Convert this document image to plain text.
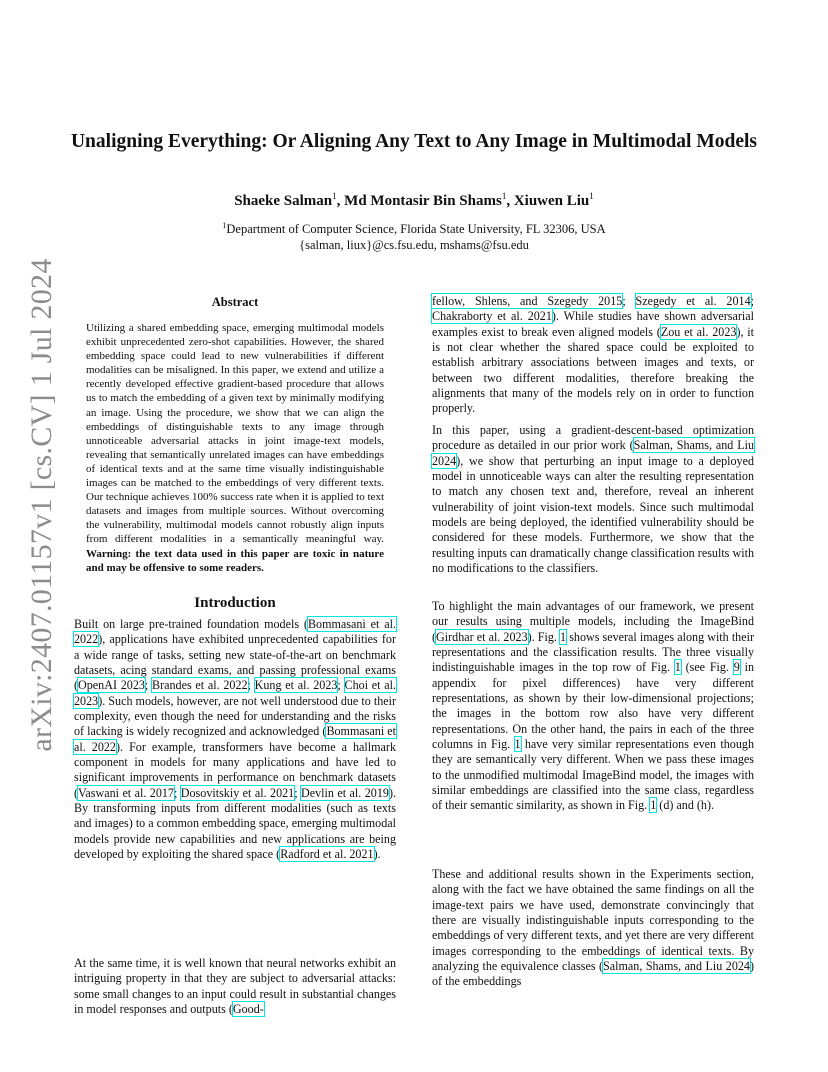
arXiv:2407.01157v1 [cs.CV] 1 Jul 2024
Unaligning Everything: Or Aligning Any Text to Any Image in Multimodal Models
Shaeke Salman$^1$, Md Montasir Bin Shams$^1$, Xiuwen Liu$^1$
$^1$Department of Computer Science, Florida State University, FL 32306, USA
{salman, liux}@cs.fsu.edu, mshams@fsu.edu
Abstract
Utilizing a shared embedding space, emerging multimodal models exhibit unprecedented zero-shot capabilities. However, the shared embedding space could lead to new vulnerabilities if different modalities can be misaligned. In this paper, we extend and utilize a recently developed effective gradient-based procedure that allows us to match the embedding of a given text by minimally modifying an image. Using the procedure, we show that we can align the embeddings of distinguishable texts to any image through unnoticeable adversarial attacks in joint image-text models, revealing that semantically unrelated images can have embeddings of identical texts and at the same time visually indistinguishable images can be matched to the embeddings of very different texts. Our technique achieves 100% success rate when it is applied to text datasets and images from multiple sources. Without overcoming the vulnerability, multimodal models cannot robustly align inputs from different modalities in a semantically meaningful way. Warning: the text data used in this paper are toxic in nature and may be offensive to some readers.
Introduction
Built on large pre-trained foundation models (Bommasani et al. 2022), applications have exhibited unprecedented capabilities for a wide range of tasks, setting new state-of-the-art on benchmark datasets, acing standard exams, and passing professional exams (OpenAI 2023; Brandes et al. 2022; Kung et al. 2023; Choi et al. 2023). Such models, however, are not well understood due to their complexity, even though the need for understanding and the risks of lacking is widely recognized and acknowledged (Bommasani et al. 2022). For example, transformers have become a hallmark component in models for many applications and have led to significant improvements in performance on benchmark datasets (Vaswani et al. 2017; Dosovitskiy et al. 2021; Devlin et al. 2019). By transforming inputs from different modalities (such as texts and images) to a common embedding space, emerging multimodal models provide new capabilities and new applications are being developed by exploiting the shared space (Radford et al. 2021).
At the same time, it is well known that neural networks exhibit an intriguing property in that they are subject to adversarial attacks: some small changes to an input could result in substantial changes in model responses and outputs (Good-
fellow, Shlens, and Szegedy 2015; Szegedy et al. 2014; Chakraborty et al. 2021). While studies have shown adversarial examples exist to break even aligned models (Zou et al. 2023), it is not clear whether the shared space could be exploited to establish arbitrary associations between images and texts, or between two different modalities, therefore breaking the alignments that many of the models rely on in order to function properly.
In this paper, using a gradient-descent-based optimization procedure as detailed in our prior work (Salman, Shams, and Liu 2024), we show that perturbing an input image to a deployed model in unnoticeable ways can alter the resulting representation to match any chosen text and, therefore, reveal an inherent vulnerability of joint vision-text models. Since such multimodal models are being deployed, the identified vulnerability should be considered for these models. Furthermore, we show that the resulting inputs can dramatically change classification results with no modifications to the classifiers.
To highlight the main advantages of our framework, we present our results using multiple models, including the ImageBind (Girdhar et al. 2023). Fig. 1 shows several images along with their representations and the classification results. The three visually indistinguishable images in the top row of Fig. 1 (see Fig. 9 in appendix for pixel differences) have very different representations, as shown by their low-dimensional projections; the images in the bottom row also have very different representations. On the other hand, the pairs in each of the three columns in Fig. 1 have very similar representations even though they are semantically very different. When we pass these images to the unmodified multimodal ImageBind model, the images with similar embeddings are classified into the same class, regardless of their semantic similarity, as shown in Fig. 1 (d) and (h).
These and additional results shown in the Experiments section, along with the fact we have obtained the same findings on all the image-text pairs we have used, demonstrate convincingly that there are visually indistinguishable inputs corresponding to the embeddings of very different texts, and yet there are very different images corresponding to the embeddings of identical texts. By analyzing the equivalence classes (Salman, Shams, and Liu 2024) of the embeddings
